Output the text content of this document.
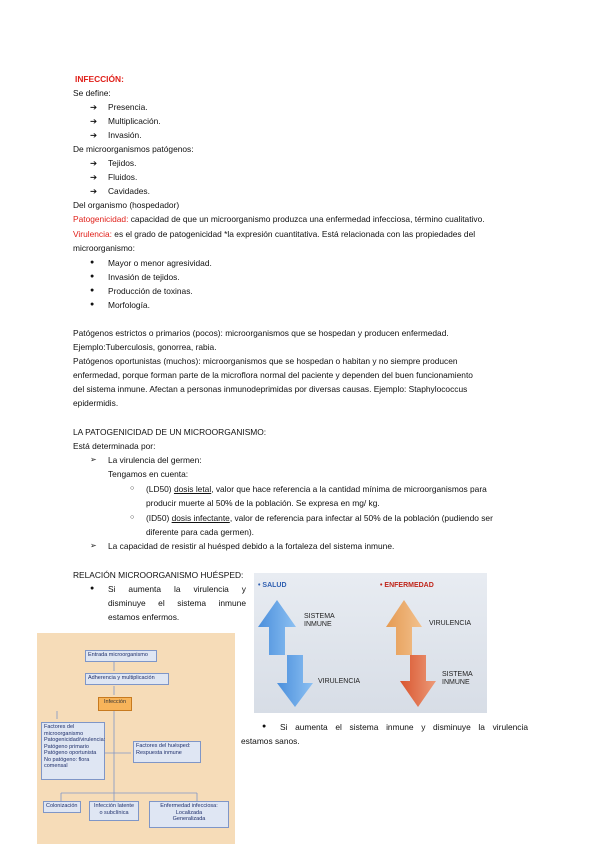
INFECCIÓN:
Se define:
➔ Presencia.
➔ Multiplicación.
➔ Invasión.
De microorganismos patógenos:
➔ Tejidos.
➔ Fluidos.
➔ Cavidades.
Del organismo (hospedador)
Patogenicidad: capacidad de que un microorganismo produzca una enfermedad infecciosa, término cualitativo.
Virulencia: es el grado de patogenicidad *la expresión cuantitativa. Está relacionada con las propiedades del
microorganismo:
● Mayor o menor agresividad.
● Invasión de tejidos.
● Producción de toxinas.
● Morfología.
Patógenos estrictos o primarios (pocos): microorganismos que se hospedan y producen enfermedad.
Ejemplo:Tuberculosis, gonorrea, rabia.
Patógenos oportunistas (muchos): microorganismos que se hospedan o habitan y no siempre producen
enfermedad, porque forman parte de la microflora normal del paciente y dependen del buen funcionamiento
del sistema inmune. Afectan a personas inmunodeprimidas por diversas causas. Ejemplo: Staphylococcus
epidermidis.
LA PATOGENICIDAD DE UN MICROORGANISMO:
Está determinada por:
➢ La virulencia del germen:
Tengamos en cuenta:
○ (LD50) dosis letal, valor que hace referencia a la cantidad mínima de microorganismos para
producir muerte al 50% de la población. Se expresa en mg/ kg.
○ (ID50) dosis infectante, valor de referencia para infectar al 50% de la población (pudiendo ser
diferente para cada germen).
➢ La capacidad de resistir al huésped debido a la fortaleza del sistema inmune.
RELACIÓN MICROORGANISMO HUÉSPED:
● Si aumenta la virulencia y
disminuye el sistema inmune
estamos enfermos.
• SALUD	• ENFERMEDAD
SISTEMA INMUNE
VIRULENCIA
VIRULENCIA
SISTEMA INMUNE
● Si aumenta el sistema inmune y disminuye la virulencia
estamos sanos.
Entrada microorganismo
Adherencia y multiplicación
Infección
Factores del
microorganismo
Patogenicidad/virulencia:
Patógeno primario
Patógeno oportunista
No patógeno: flora
comensal
Factores del huésped:
Respuesta inmune
Colonización	Infección latente
o subclínica
Enfermedad infecciosa:
Localizada
Generalizada
